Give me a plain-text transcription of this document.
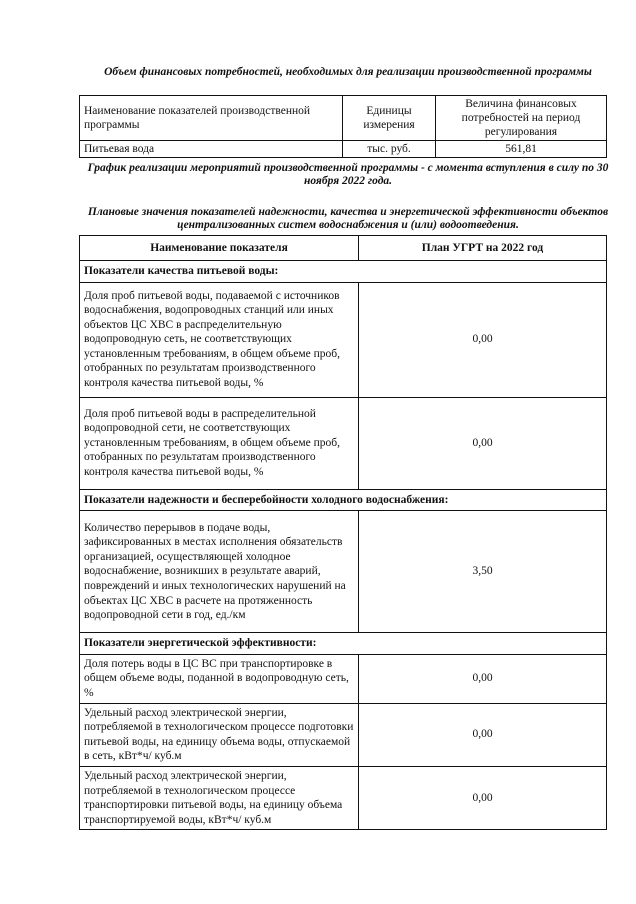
Объем финансовых потребностей, необходимых для реализации производственной программы
Наименование показателей производственной программы	Единицы измерения	Величина финансовых потребностей на период регулирования
Питьевая вода	тыс. руб.	561,81
График реализации мероприятий производственной программы - с момента вступления в силу по 30 ноября 2022 года.
Плановые значения показателей надежности, качества и энергетической эффективности объектов централизованных систем водоснабжения и (или) водоотведения.
Наименование показателя	План УГРТ на 2022 год
Показатели качества питьевой воды:	
Доля проб питьевой воды, подаваемой с источников водоснабжения, водопроводных станций или иных объектов ЦС ХВС в распределительную водопроводную сеть, не соответствующих установленным требованиям, в общем объеме проб, отобранных по результатам производственного контроля качества питьевой воды, %	0,00
Доля проб питьевой воды в распределительной водопроводной сети, не соответствующих установленным требованиям, в общем объеме проб, отобранных по результатам производственного контроля качества питьевой воды, %	0,00
Показатели надежности и бесперебойности холодного водоснабжения:	
Количество перерывов в подаче воды, зафиксированных в местах исполнения обязательств организацией, осуществляющей холодное водоснабжение, возникших в результате аварий, повреждений и иных технологических нарушений на объектах ЦС ХВС в расчете на протяженность водопроводной сети в год, ед./км	3,50
Показатели энергетической эффективности:	
Доля потерь воды в ЦС ВС при транспортировке в общем объеме воды, поданной в водопроводную сеть, %	0,00
Удельный расход электрической энергии, потребляемой в технологическом процессе подготовки питьевой воды, на единицу объема воды, отпускаемой в сеть, кВт*ч/ куб.м	0,00
Удельный расход электрической энергии, потребляемой в технологическом процессе транспортировки питьевой воды, на единицу объема транспортируемой воды, кВт*ч/ куб.м	0,00
